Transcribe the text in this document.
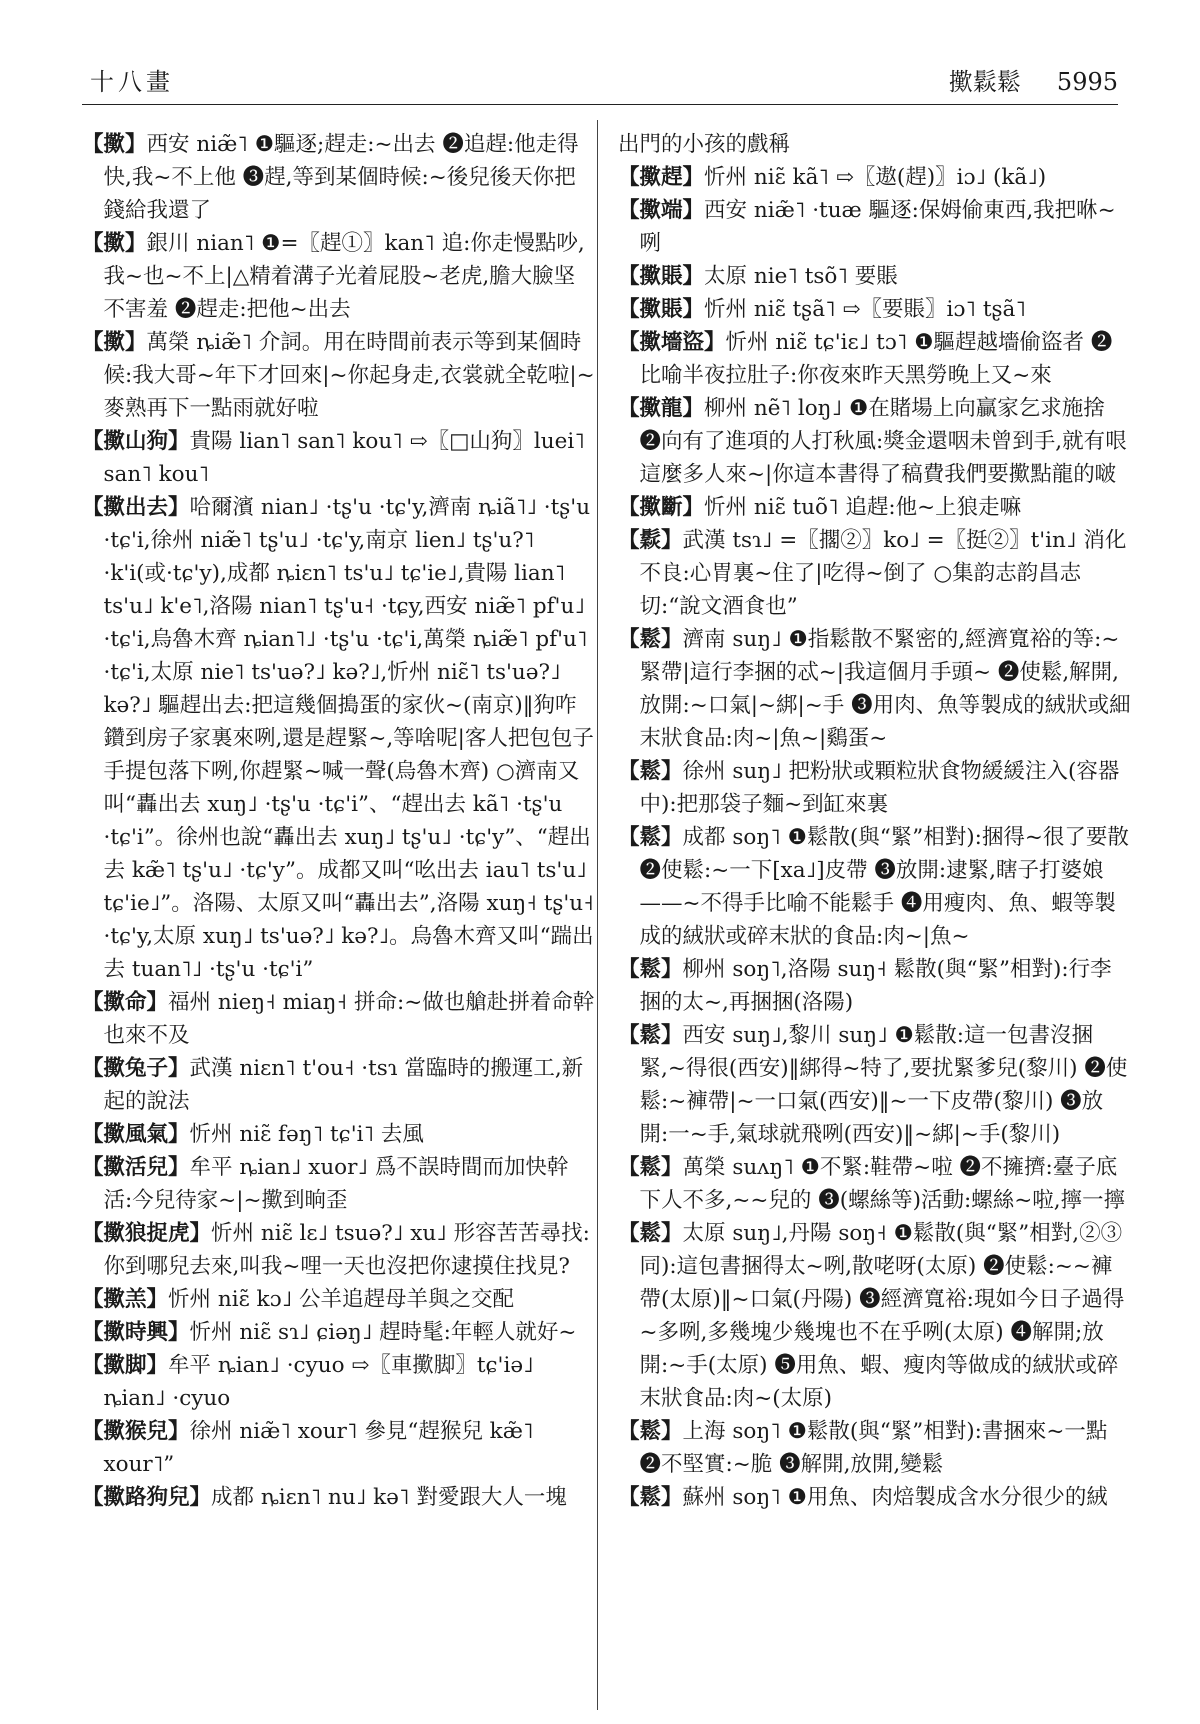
十八畫	擹鬏鬆 5995

【擹】西安 niæ̃˥ ❶驅逐;趕走:~出去 ❷追趕:他走得快,我~不上他 ❸趕,等到某個時候:~後兒後天你把錢給我還了

【擹】銀川 nian˥ ❶=〖趕①〗kan˥ 追:你走慢點吵,我~也~不上|△精着溝子光着屁股~老虎,膽大臉坚不害羞 ❷趕走:把他~出去

【擹】萬榮 ȵiæ̃˥ 介詞。用在時間前表示等到某個時候:我大哥~年下才回來|~你起身走,衣裳就全乾啦|~麥熟再下一點雨就好啦

【擹山狗】貴陽 lian˥ san˥ kou˥ ⇨〖□山狗〗luei˥ san˥ kou˥

【擹出去】哈爾濱 nian˩ ·tʂ'u ·tɕ'y,濟南 ȵiã˥˩ ·tʂ'u ·tɕ'i,徐州 niæ̃˥ tʂ'u˩ ·tɕ'y,南京 lien˩ tʂ'u?˥ ·k'i(或·tɕ'y),成都 ȵiɛn˥ ts'u˩ tɕ'ie˩,貴陽 lian˥ ts'u˩ k'e˥,洛陽 nian˥ tʂ'u˧ ·tɕy,西安 niæ̃˥ pf'u˩ ·tɕ'i,烏魯木齊 ȵian˥˩ ·tʂ'u ·tɕ'i,萬榮 ȵiæ̃˥ pf'u˥ ·tɕ'i,太原 nie˥ ts'uə?˩ kə?˩,忻州 niɛ̃˥ ts'uə?˩ kə?˩ 驅趕出去:把這幾個搗蛋的家伙~(南京)‖狗咋鑽到房子家裏來咧,還是趕緊~,等啥呢|客人把包包子手提包落下咧,你趕緊~喊一聲(烏魯木齊) ○濟南又叫“轟出去 xuŋ˩ ·tʂ'u ·tɕ'i”、“趕出去 kã˥ ·tʂ'u ·tɕ'i”。徐州也說“轟出去 xuŋ˩ tʂ'u˩ ·tɕ'y”、“趕出去 kæ̃˥ tʂ'u˩ ·tɕ'y”。成都又叫“吆出去 iau˥ ts'u˩ tɕ'ie˩”。洛陽、太原又叫“轟出去”,洛陽 xuŋ˧ tʂ'u˧ ·tɕ'y,太原 xuŋ˩ ts'uə?˩ kə?˩。烏魯木齊又叫“踹出去 tuan˥˩ ·tʂ'u ·tɕ'i”

【擹命】福州 nieŋ˧ miaŋ˧ 拼命:~做也艙赴拼着命幹也來不及

【擹兔子】武漢 niɛn˥ t'ou˧ ·tsɿ 當臨時的搬運工,新起的說法

【擹風氣】忻州 niɛ̃ fəŋ˥ tɕ'i˥ 去風

【擹活兒】牟平 ȵian˩ xuor˩ 爲不誤時間而加快幹活:今兒待家~|~擹到晌歪

【擹狼捉虎】忻州 niɛ̃ lɛ˩ tsuə?˩ xu˩ 形容苦苦尋找:你到哪兒去來,叫我~哩一天也沒把你逮摸住找見?

【擹羔】忻州 niɛ̃ kɔ˩ 公羊追趕母羊與之交配

【擹時興】忻州 niɛ̃ sɿ˩ ɕiəŋ˩ 趕時髦:年輕人就好~

【擹脚】牟平 ȵian˩ ·cyuo ⇨〖車擹脚〗tɕ'iə˩ ȵian˩ ·cyuo

【擹猴兒】徐州 niæ̃˥ xour˥ 參見“趕猴兒 kæ̃˥ xour˥”

【擹路狗兒】成都 ȵiɛn˥ nu˩ kə˥ 對愛跟大人一塊

出門的小孩的戲稱

【擹趕】忻州 niɛ̃ kã˥ ⇨〖遨(趕)〗iɔ˩ (kã˩)

【擹端】西安 niæ̃˥ ·tuæ 驅逐:保姆偷東西,我把咻~咧

【擹賬】太原 nie˥ tsõ˥ 要賬

【擹賬】忻州 niɛ̃ tʂã˥ ⇨〖要賬〗iɔ˥ tʂã˥

【擹墻盜】忻州 niɛ̃ tɕ'iɛ˩ tɔ˥ ❶驅趕越墻偷盜者 ❷比喻半夜拉肚子:你夜來昨天黑勞晚上又~來

【擹龍】柳州 nẽ˥ loŋ˩ ❶在賭場上向贏家乞求施捨 ❷向有了進項的人打秋風:獎金還咽未曾到手,就有哏這麼多人來~|你這本書得了稿費我們要擹點龍的啵

【擹斷】忻州 niɛ̃ tuõ˥ 追趕:他~上狼走嘛

【鬏】武漢 tsɿ˩ =〖擱②〗ko˩ =〖挺②〗t'in˩ 消化不良:心胃裏~住了|吃得~倒了 ○集韵志韵昌志切:“說文酒食也”

【鬆】濟南 suŋ˩ ❶指鬆散不緊密的,經濟寬裕的等:~緊帶|這行李捆的忒~|我這個月手頭~ ❷使鬆,解開,放開:~口氣|~綁|~手 ❸用肉、魚等製成的絨狀或細末狀食品:肉~|魚~|鷄蛋~

【鬆】徐州 suŋ˩ 把粉狀或顆粒狀食物緩緩注入(容器中):把那袋子麵~到缸來裏

【鬆】成都 soŋ˥ ❶鬆散(與“緊”相對):捆得~很了要散 ❷使鬆:~一下[xa˩]皮帶 ❸放開:逮緊,瞎子打婆娘——~不得手比喻不能鬆手 ❹用瘦肉、魚、蝦等製成的絨狀或碎末狀的食品:肉~|魚~

【鬆】柳州 soŋ˥,洛陽 suŋ˧ 鬆散(與“緊”相對):行李捆的太~,再捆捆(洛陽)

【鬆】西安 suŋ˩,黎川 suŋ˩ ❶鬆散:這一包書沒捆緊,~得很(西安)‖綁得~特了,要扰緊爹兒(黎川) ❷使鬆:~褲帶|~一口氣(西安)‖~一下皮帶(黎川) ❸放開:一~手,氣球就飛咧(西安)‖~綁|~手(黎川)

【鬆】萬榮 suʌŋ˥ ❶不緊:鞋帶~啦 ❷不擁擠:臺子底下人不多,~~兒的 ❸(螺絲等)活動:螺絲~啦,擰一擰

【鬆】太原 suŋ˩,丹陽 soŋ˧ ❶鬆散(與“緊”相對,②③同):這包書捆得太~咧,散咾呀(太原) ❷使鬆:~~褲帶(太原)‖~口氣(丹陽) ❸經濟寬裕:現如今日子過得~多咧,多幾塊少幾塊也不在乎咧(太原) ❹解開;放開:~手(太原) ❺用魚、蝦、瘦肉等做成的絨狀或碎末狀食品:肉~(太原)

【鬆】上海 soŋ˥ ❶鬆散(與“緊”相對):書捆來~一點 ❷不堅實:~脆 ❸解開,放開,變鬆

【鬆】蘇州 soŋ˥ ❶用魚、肉焙製成含水分很少的絨
